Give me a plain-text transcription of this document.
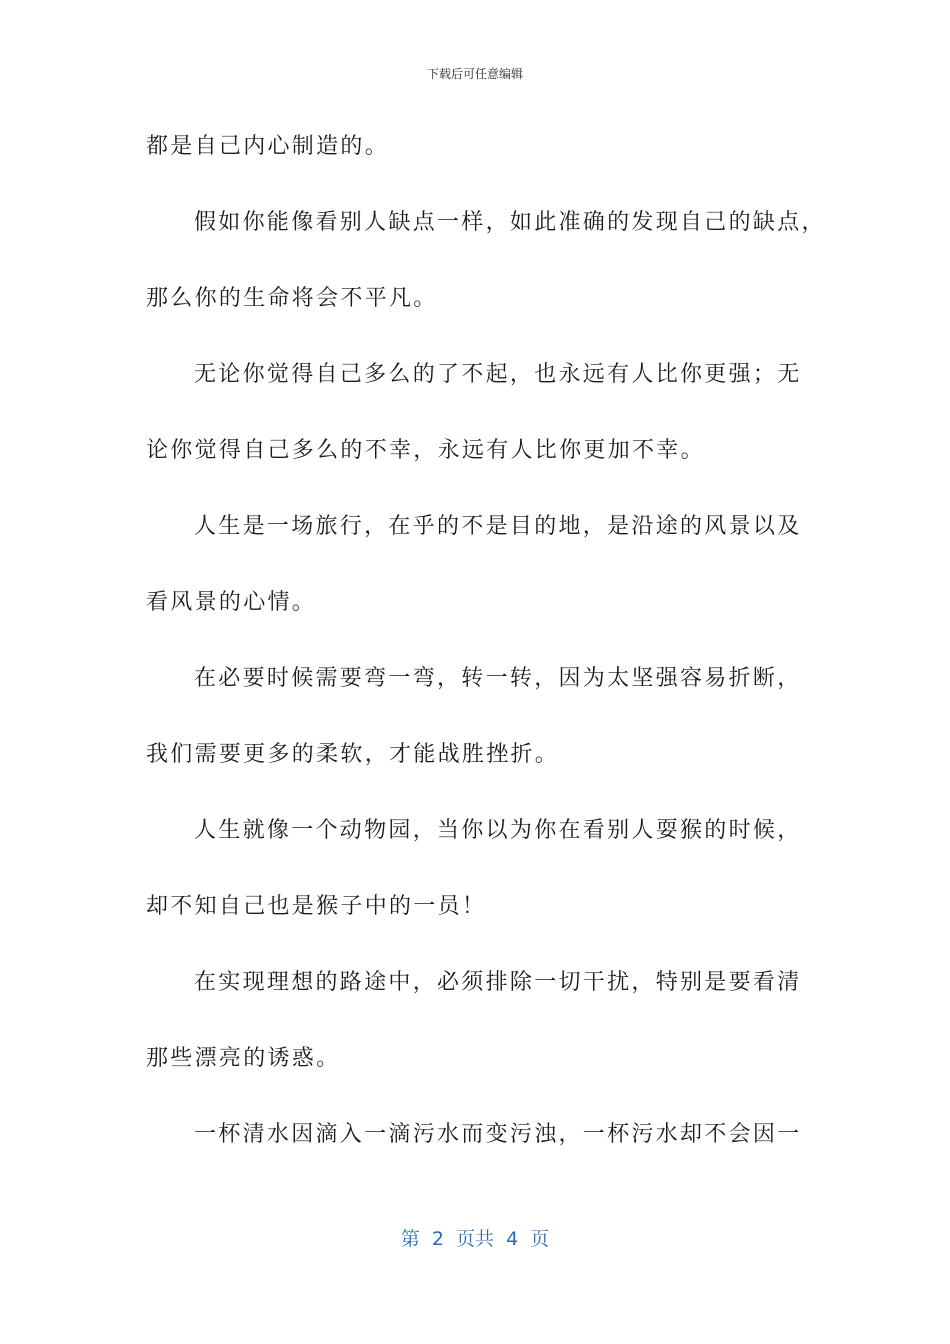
下载后可任意编辑
都是自己内心制造的。
假如你能像看别人缺点一样，如此准确的发现自己的缺点，
那么你的生命将会不平凡。
无论你觉得自己多么的了不起，也永远有人比你更强；无
论你觉得自己多么的不幸，永远有人比你更加不幸。
人生是一场旅行，在乎的不是目的地，是沿途的风景以及
看风景的心情。
在必要时候需要弯一弯，转一转，因为太坚强容易折断，
我们需要更多的柔软，才能战胜挫折。
人生就像一个动物园，当你以为你在看别人耍猴的时候，
却不知自己也是猴子中的一员！
在实现理想的路途中，必须排除一切干扰，特别是要看清
那些漂亮的诱惑。
一杯清水因滴入一滴污水而变污浊，一杯污水却不会因一
第  2  页共  4  页
